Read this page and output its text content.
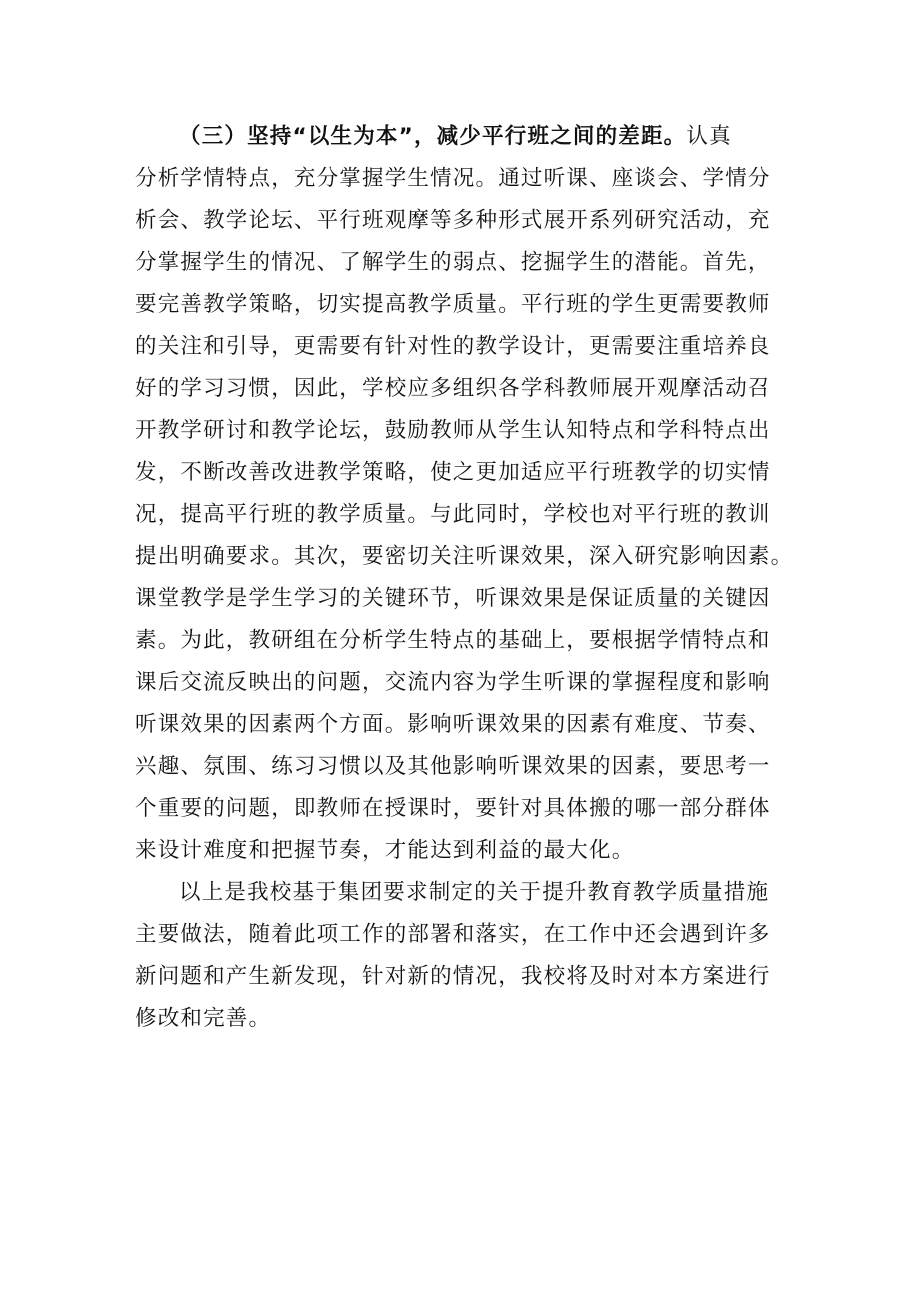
（三）坚持“以生为本”，减少平行班之间的差距。认真
分析学情特点，充分掌握学生情况。通过听课、座谈会、学情分
析会、教学论坛、平行班观摩等多种形式展开系列研究活动，充
分掌握学生的情况、了解学生的弱点、挖掘学生的潜能。首先，
要完善教学策略，切实提高教学质量。平行班的学生更需要教师
的关注和引导，更需要有针对性的教学设计，更需要注重培养良
好的学习习惯，因此，学校应多组织各学科教师展开观摩活动召
开教学研讨和教学论坛，鼓励教师从学生认知特点和学科特点出
发，不断改善改进教学策略，使之更加适应平行班教学的切实情
况，提高平行班的教学质量。与此同时，学校也对平行班的教训
提出明确要求。其次，要密切关注听课效果，深入研究影响因素。
课堂教学是学生学习的关键环节，听课效果是保证质量的关键因
素。为此，教研组在分析学生特点的基础上，要根据学情特点和
课后交流反映出的问题，交流内容为学生听课的掌握程度和影响
听课效果的因素两个方面。影响听课效果的因素有难度、节奏、
兴趣、氛围、练习习惯以及其他影响听课效果的因素，要思考一
个重要的问题，即教师在授课时，要针对具体搬的哪一部分群体
来设计难度和把握节奏，才能达到利益的最大化。
以上是我校基于集团要求制定的关于提升教育教学质量措施
主要做法，随着此项工作的部署和落实，在工作中还会遇到许多
新问题和产生新发现，针对新的情况，我校将及时对本方案进行
修改和完善。
